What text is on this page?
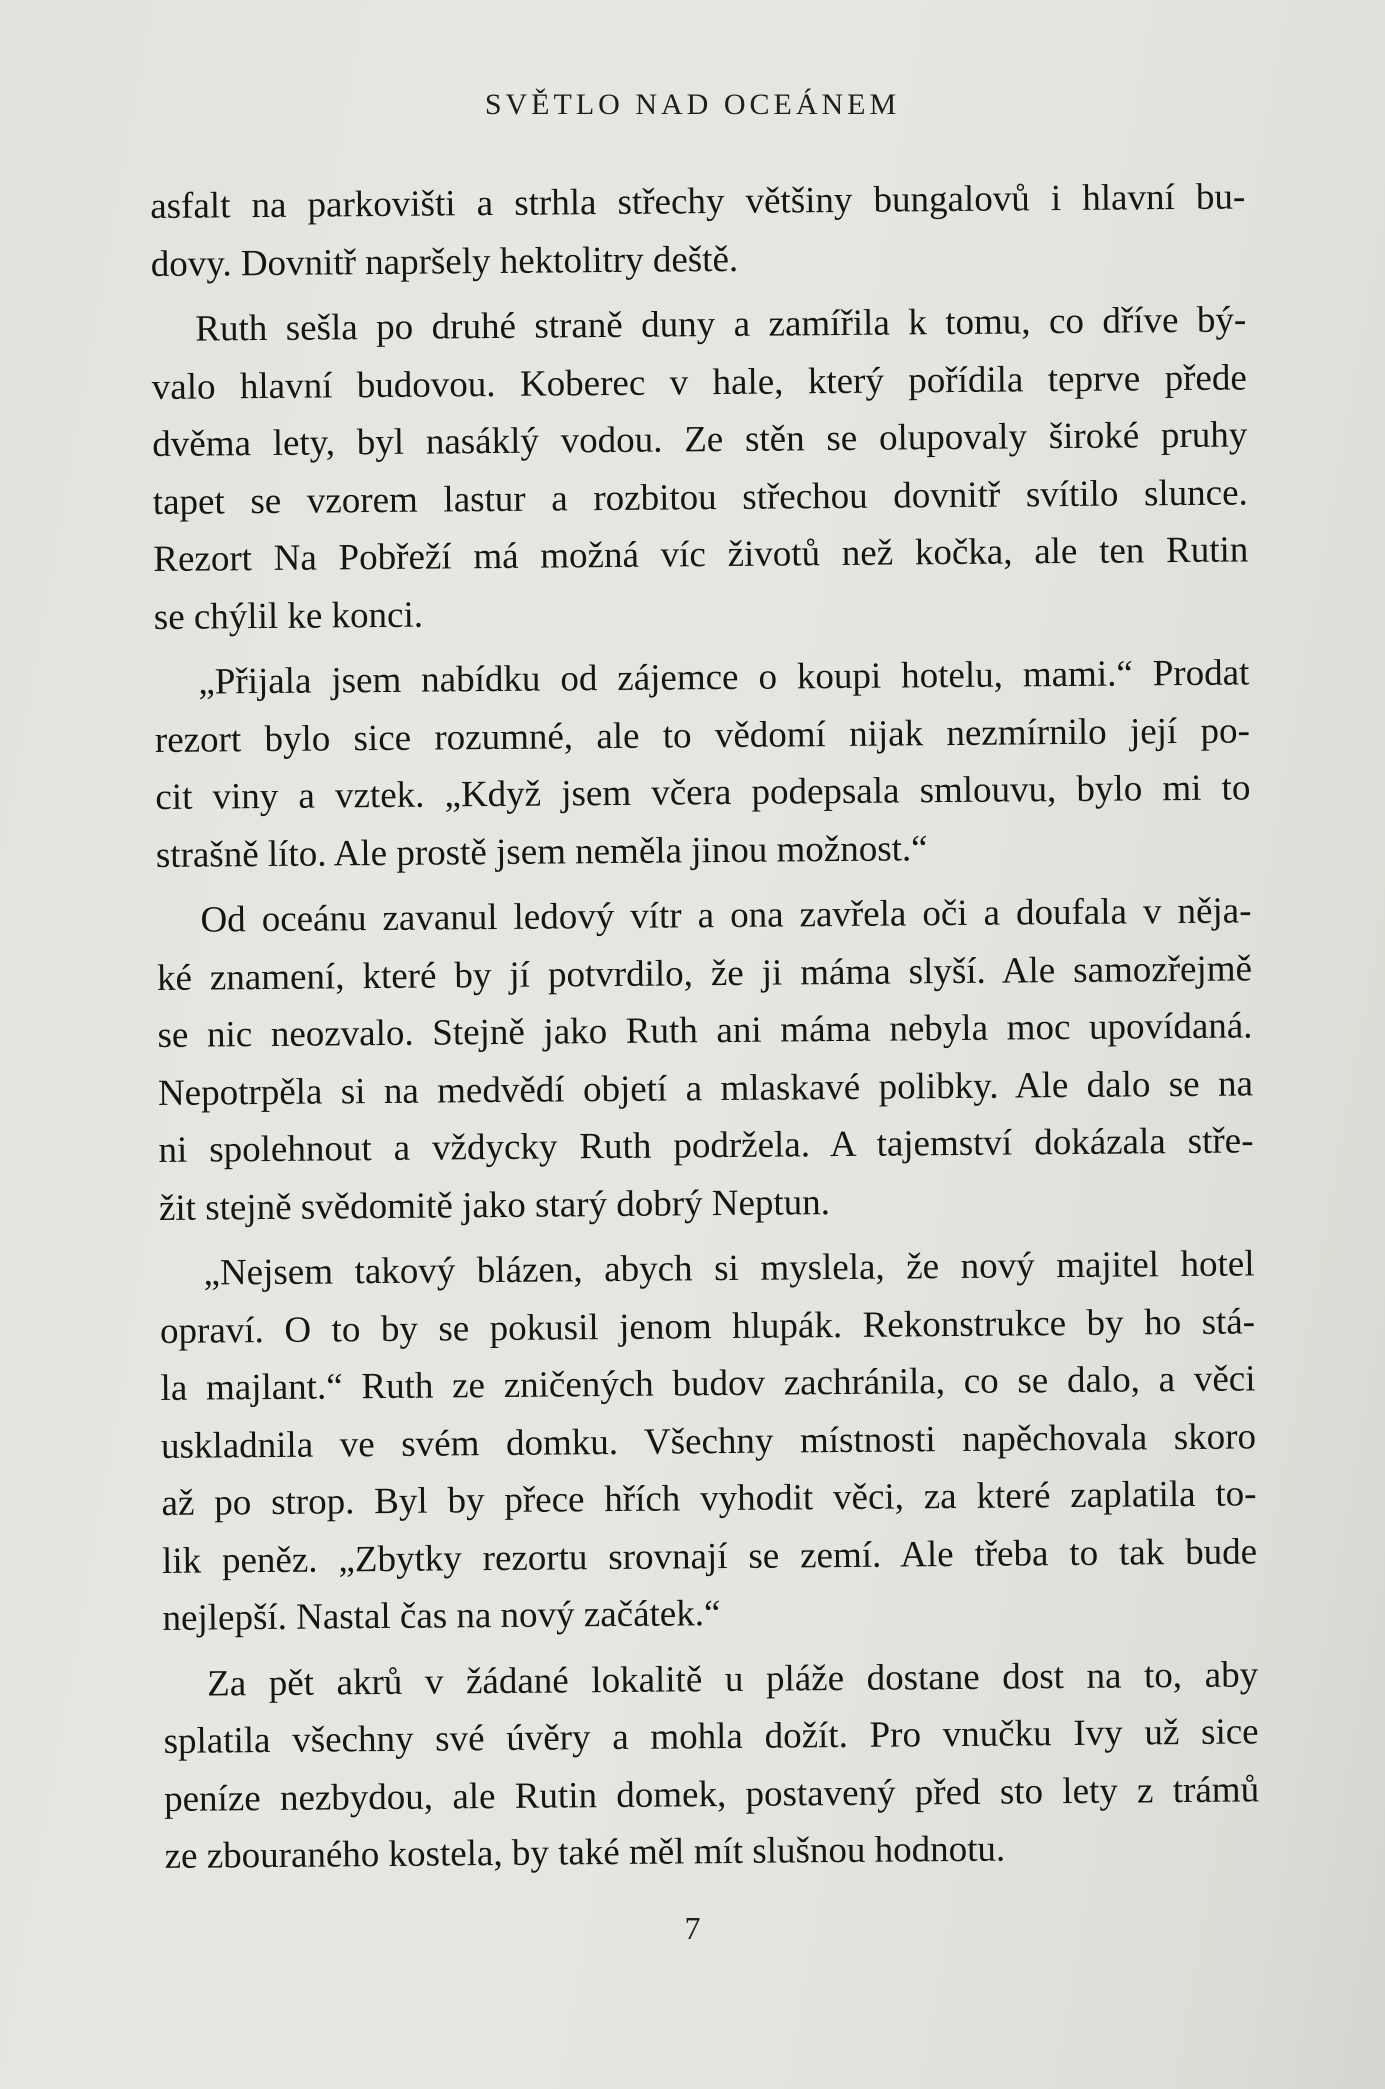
SVĚTLO NAD OCEÁNEM
asfalt na parkovišti a strhla střechy většiny bungalovů i hlavní bu-
dovy. Dovnitř napršely hektolitry deště.
Ruth sešla po druhé straně duny a zamířila k tomu, co dříve bý-
valo hlavní budovou. Koberec v hale, který pořídila teprve přede
dvěma lety, byl nasáklý vodou. Ze stěn se olupovaly široké pruhy
tapet se vzorem lastur a rozbitou střechou dovnitř svítilo slunce.
Rezort Na Pobřeží má možná víc životů než kočka, ale ten Rutin
se chýlil ke konci.
„Přijala jsem nabídku od zájemce o koupi hotelu, mami.“ Prodat
rezort bylo sice rozumné, ale to vědomí nijak nezmírnilo její po-
cit viny a vztek. „Když jsem včera podepsala smlouvu, bylo mi to
strašně líto. Ale prostě jsem neměla jinou možnost.“
Od oceánu zavanul ledový vítr a ona zavřela oči a doufala v něja-
ké znamení, které by jí potvrdilo, že ji máma slyší. Ale samozřejmě
se nic neozvalo. Stejně jako Ruth ani máma nebyla moc upovídaná.
Nepotrpěla si na medvědí objetí a mlaskavé polibky. Ale dalo se na
ni spolehnout a vždycky Ruth podržela. A tajemství dokázala stře-
žit stejně svědomitě jako starý dobrý Neptun.
„Nejsem takový blázen, abych si myslela, že nový majitel hotel
opraví. O to by se pokusil jenom hlupák. Rekonstrukce by ho stá-
la majlant.“ Ruth ze zničených budov zachránila, co se dalo, a věci
uskladnila ve svém domku. Všechny místnosti napěchovala skoro
až po strop. Byl by přece hřích vyhodit věci, za které zaplatila to-
lik peněz. „Zbytky rezortu srovnají se zemí. Ale třeba to tak bude
nejlepší. Nastal čas na nový začátek.“
Za pět akrů v žádané lokalitě u pláže dostane dost na to, aby
splatila všechny své úvěry a mohla dožít. Pro vnučku Ivy už sice
peníze nezbydou, ale Rutin domek, postavený před sto lety z trámů
ze zbouraného kostela, by také měl mít slušnou hodnotu.
7
